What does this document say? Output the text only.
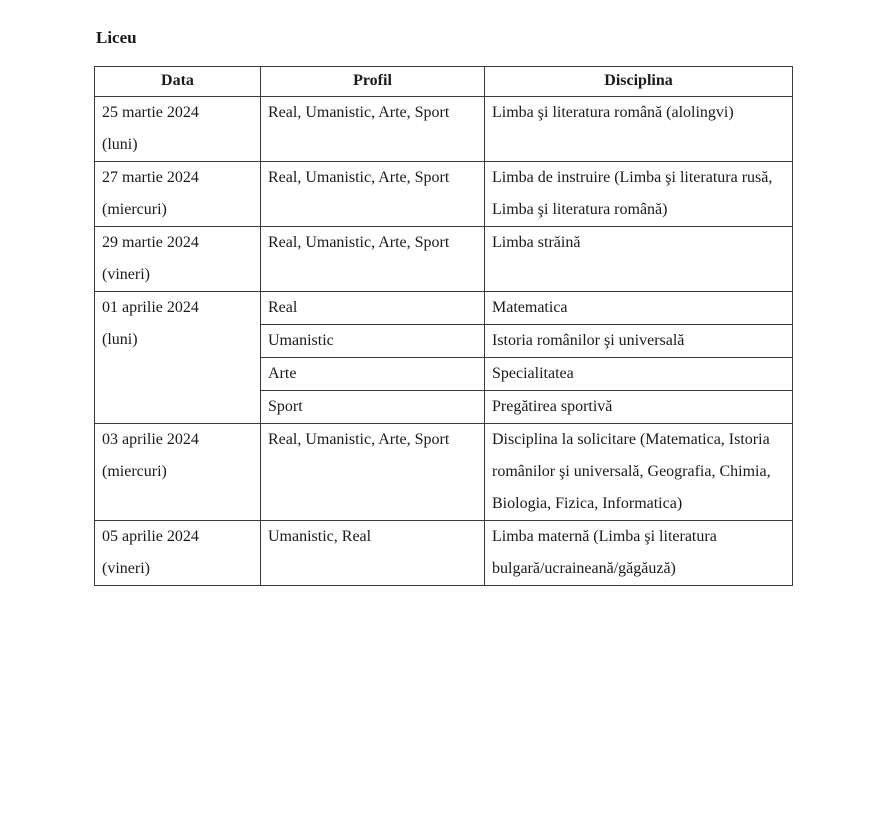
Liceu
Data	Profil	Disciplina

25 martie 2024
(luni)	Real, Umanistic, Arte, Sport	Limba şi literatura română (alolingvi)

27 martie 2024
(miercuri)	Real, Umanistic, Arte, Sport	Limba de instruire (Limba şi literatura rusă, Limba şi literatura română)

29 martie 2024
(vineri)	Real, Umanistic, Arte, Sport	Limba străină

01 aprilie 2024
(luni)	Real	Matematica
	Umanistic	Istoria românilor şi universală
	Arte	Specialitatea
	Sport	Pregătirea sportivă

03 aprilie 2024
(miercuri)	Real, Umanistic, Arte, Sport	Disciplina la solicitare (Matematica, Istoria românilor şi universală, Geografia, Chimia, Biologia, Fizica, Informatica)

05 aprilie 2024
(vineri)	Umanistic, Real	Limba maternă (Limba şi literatura bulgară/ucraineană/găgăuză)
